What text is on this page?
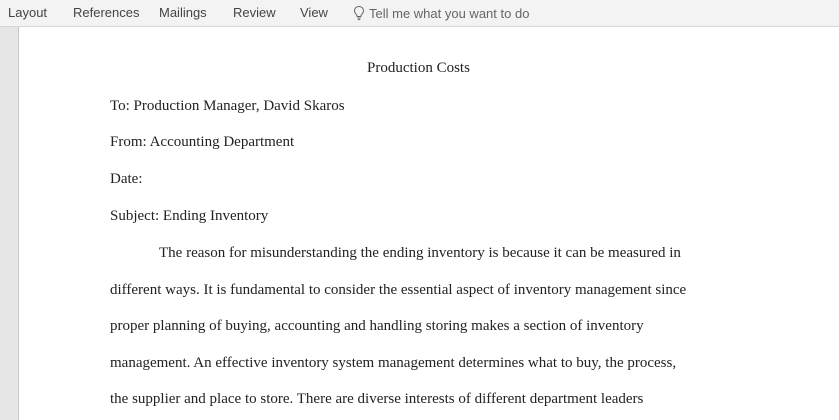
Layout References Mailings Review View	Tell me what you want to do
Production Costs
To: Production Manager, David Skaros
From: Accounting Department
Date:
Subject: Ending Inventory
The reason for misunderstanding the ending inventory is because it can be measured in
different ways. It is fundamental to consider the essential aspect of inventory management since
proper planning of buying, accounting and handling storing makes a section of inventory
management. An effective inventory system management determines what to buy, the process,
the supplier and place to store. There are diverse interests of different department leaders
